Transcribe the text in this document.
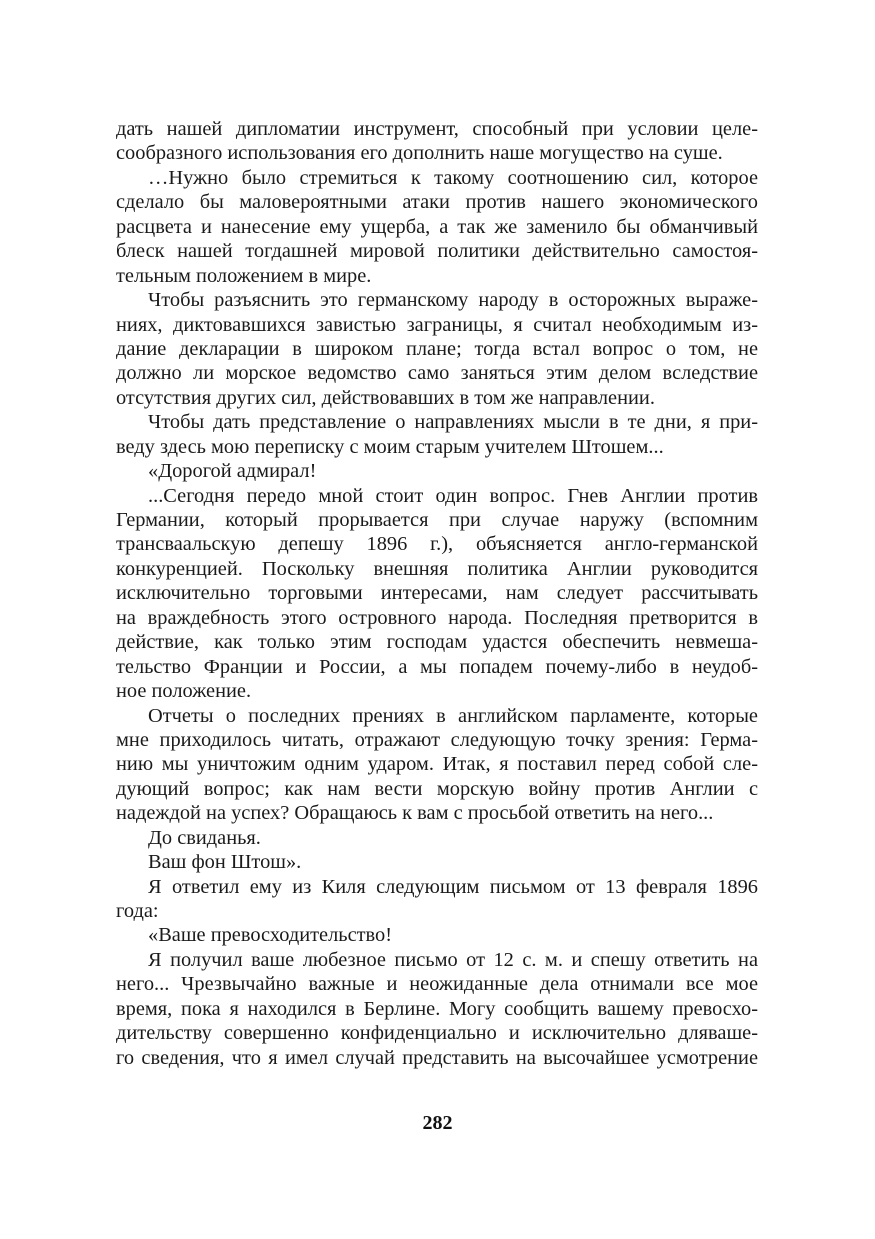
дать нашей дипломатии инструмент, способный при условии целе-
сообразного использования его дополнить наше могущество на суше.
…Нужно было стремиться к такому соотношению сил, которое
сделало бы маловероятными атаки против нашего экономического
расцвета и нанесение ему ущерба, а так же заменило бы обманчивый
блеск нашей тогдашней мировой политики действительно самостоя-
тельным положением в мире.
Чтобы разъяснить это германскому народу в осторожных выраже-
ниях, диктовавшихся завистью заграницы, я считал необходимым из-
дание декларации в широком плане; тогда встал вопрос о том, не
должно ли морское ведомство само заняться этим делом вследствие
отсутствия других сил, действовавших в том же направлении.
Чтобы дать представление о направлениях мысли в те дни, я при-
веду здесь мою переписку с моим старым учителем Штошем...
«Дорогой адмирал!
...Сегодня передо мной стоит один вопрос. Гнев Англии против
Германии, который прорывается при случае наружу (вспомним
трансваальскую депешу 1896 г.), объясняется англо-германской
конкуренцией. Поскольку внешняя политика Англии руководится
исключительно торговыми интересами, нам следует рассчитывать
на враждебность этого островного народа. Последняя претворится в
действие, как только этим господам удастся обеспечить невмеша-
тельство Франции и России, а мы попадем почему-либо в неудоб-
ное положение.
Отчеты о последних прениях в английском парламенте, которые
мне приходилось читать, отражают следующую точку зрения: Герма-
нию мы уничтожим одним ударом. Итак, я поставил перед собой сле-
дующий вопрос; как нам вести морскую войну против Англии с
надеждой на успех? Обращаюсь к вам с просьбой ответить на него...
До свиданья.
Ваш фон Штош».
Я ответил ему из Киля следующим письмом от 13 февраля 1896
года:
«Ваше превосходительство!
Я получил ваше любезное письмо от 12 с. м. и спешу ответить на
него... Чрезвычайно важные и неожиданные дела отнимали все мое
время, пока я находился в Берлине. Могу сообщить вашему превосхо-
дительству совершенно конфиденциально и исключительно дляваше-
го сведения, что я имел случай представить на высочайшее усмотрение
282
